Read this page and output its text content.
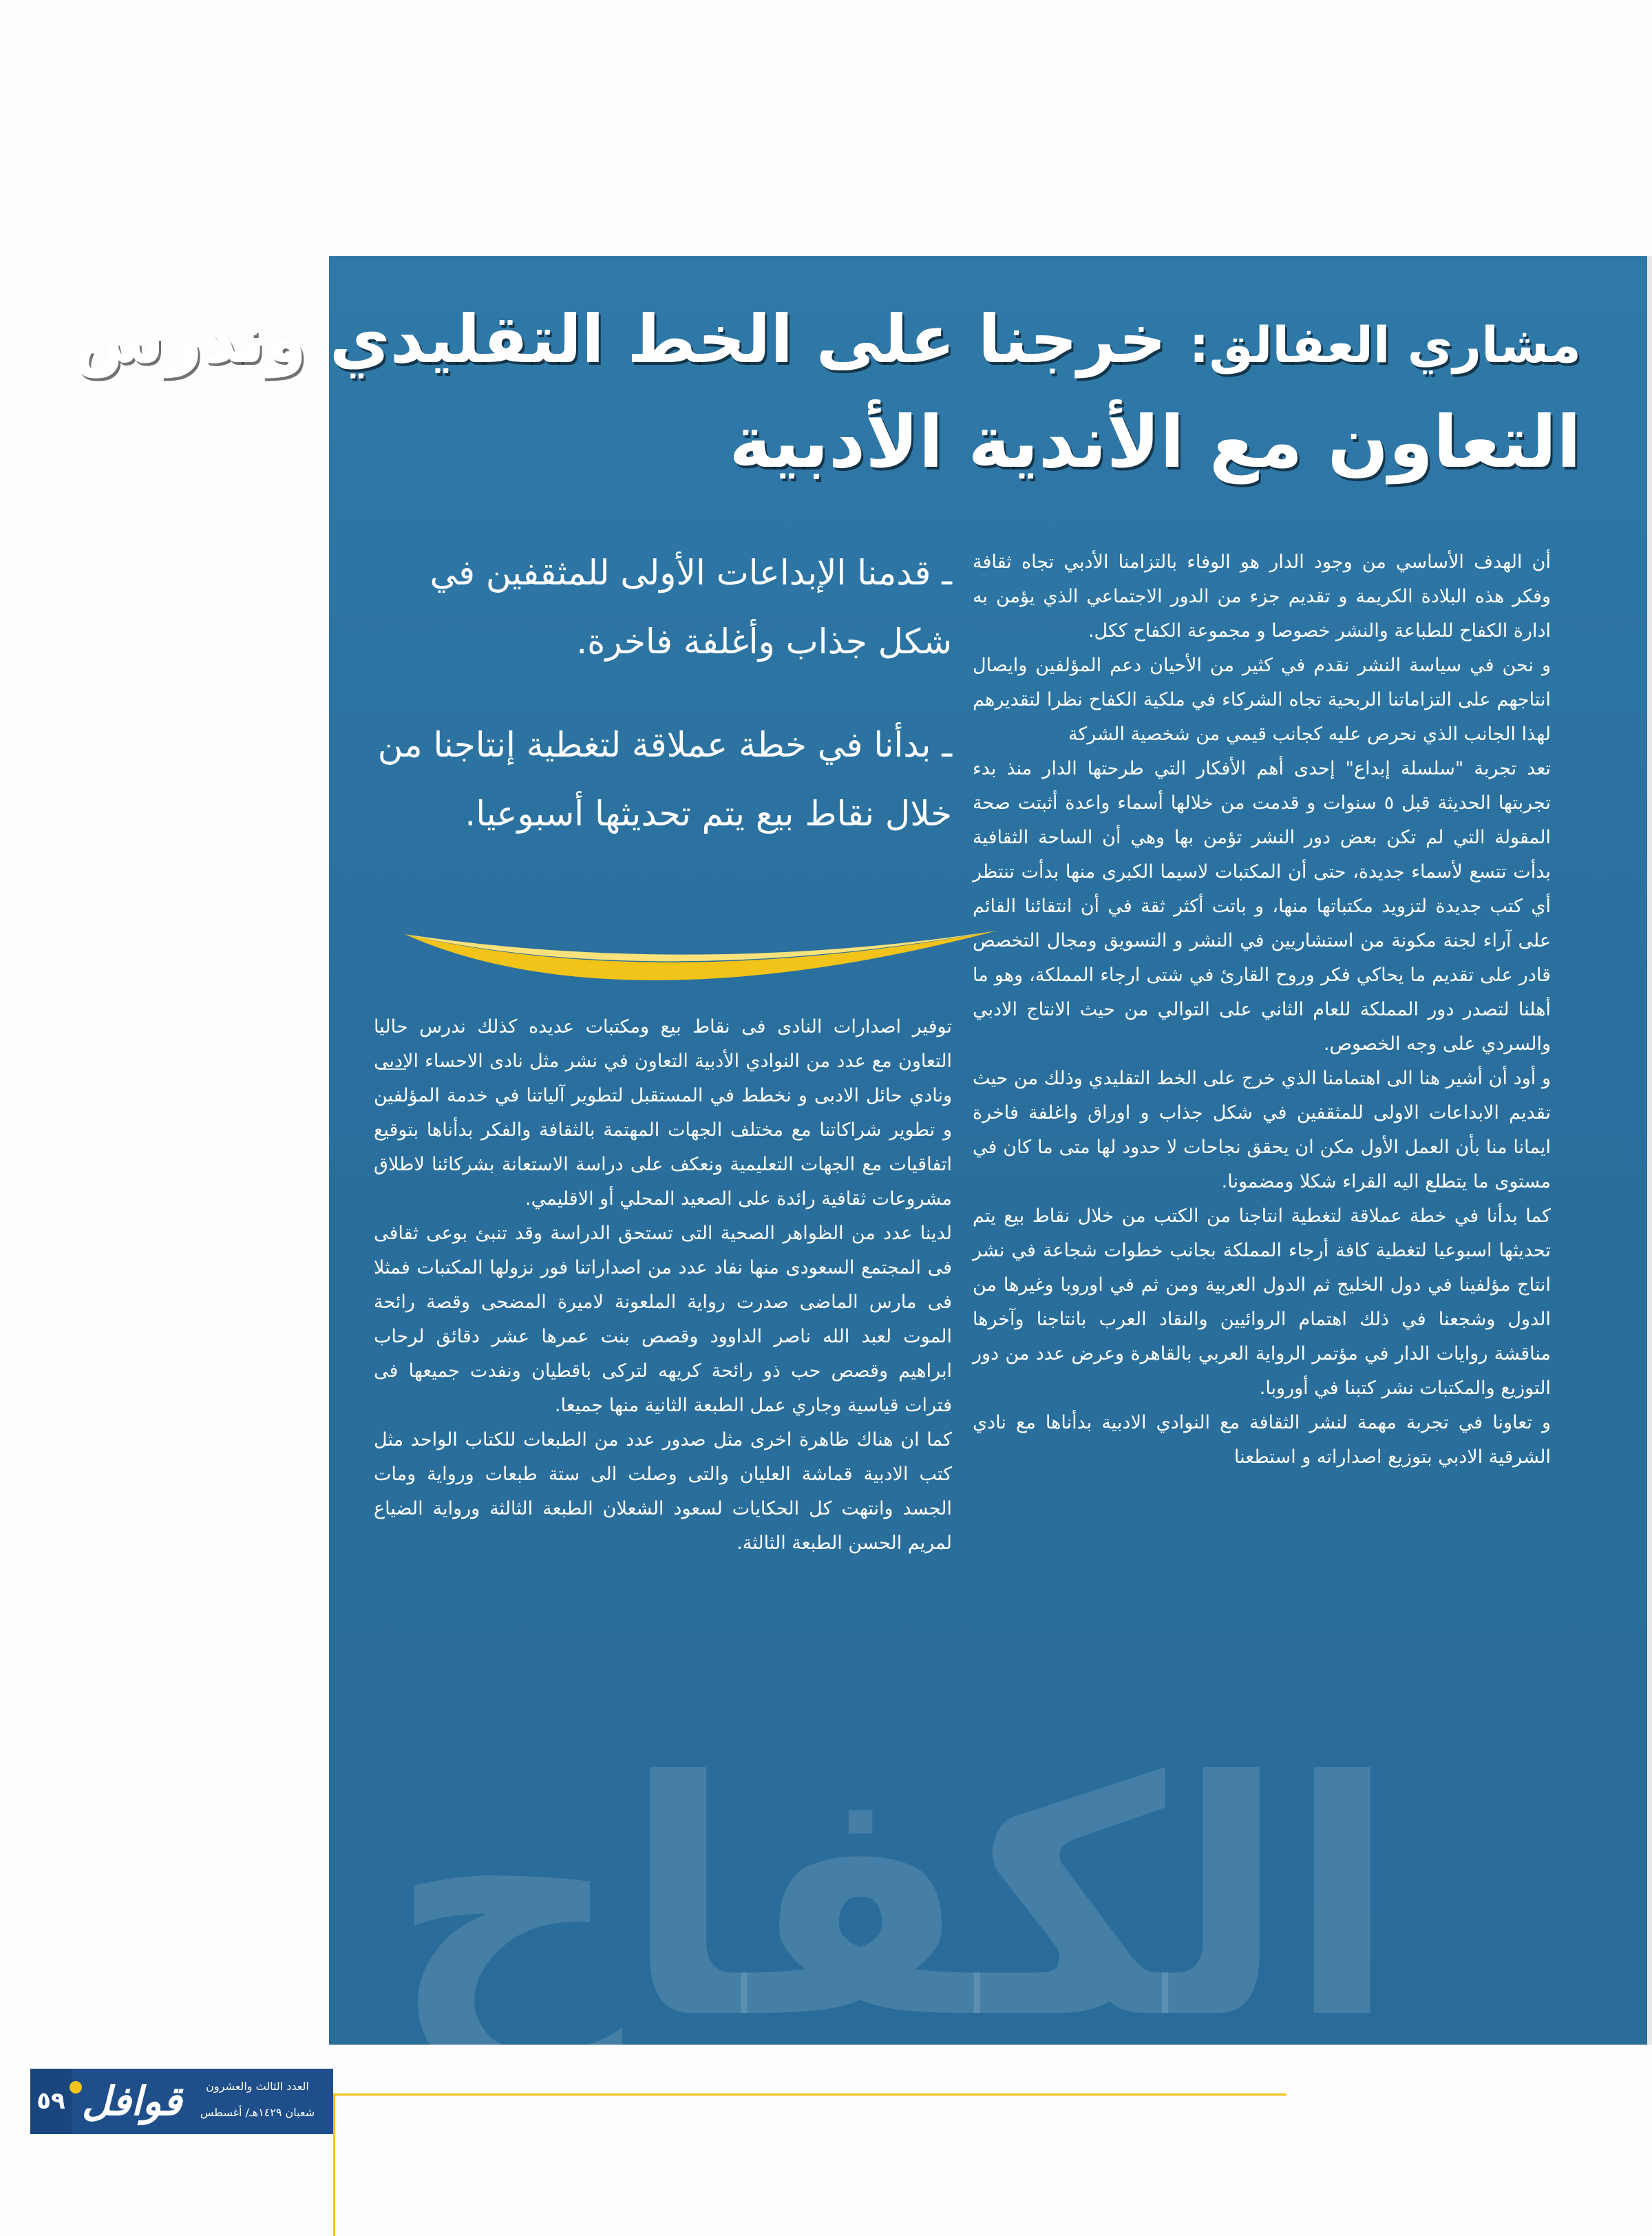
الكفاح
مشاري العفالق: خرجنا على الخط التقليدي وندرس
التعاون مع الأندية الأدبية
أن الهدف الأساسي من وجود الدار هو الوفاء بالتزامنا الأدبي تجاه ثقافة وفكر هذه البلادة الكريمة و تقديم جزء من الدور الاجتماعي الذي يؤمن به ادارة الكفاح للطباعة والنشر خصوصا و مجموعة الكفاح ككل.
و نحن في سياسة النشر نقدم في كثير من الأحيان دعم المؤلفين وايصال انتاجهم على التزاماتنا الربحية تجاه الشركاء في ملكية الكفاح نظرا لتقديرهم لهذا الجانب الذي نحرص عليه كجانب قيمي من شخصية الشركة
تعد تجربة "سلسلة إبداع" إحدى أهم الأفكار التي طرحتها الدار منذ بدء تجربتها الحديثة قبل ٥ سنوات و قدمت من خلالها أسماء واعدة أثبتت صحة المقولة التي لم تكن بعض دور النشر تؤمن بها وهي أن الساحة الثقافية بدأت تتسع لأسماء جديدة، حتى أن المكتبات لاسيما الكبرى منها بدأت تنتظر أي كتب جديدة لتزويد مكتباتها منها، و باتت أكثر ثقة في أن انتقائنا القائم على آراء لجنة مكونة من استشاريين في النشر و التسويق ومجال التخصص قادر على تقديم ما يحاكي فكر وروح القارئ في شتى ارجاء المملكة، وهو ما أهلنا لتصدر دور المملكة للعام الثاني على التوالي من حيث الانتاج الادبي والسردي على وجه الخصوص.
و أود أن أشير هنا الى اهتمامنا الذي خرج على الخط التقليدي وذلك من حيث تقديم الابداعات الاولى للمثقفين في شكل جذاب و اوراق واغلفة فاخرة ايمانا منا بأن العمل الأول مكن ان يحقق نجاحات لا حدود لها متى ما كان في مستوى ما يتطلع اليه القراء شكلا ومضمونا.
كما بدأنا في خطة عملاقة لتغطية انتاجنا من الكتب من خلال نقاط بيع يتم تحديثها اسبوعيا لتغطية كافة أرجاء المملكة بجانب خطوات شجاعة في نشر انتاج مؤلفينا في دول الخليج ثم الدول العربية ومن ثم في اوروبا وغيرها من الدول وشجعنا في ذلك اهتمام الروائيين والنقاد العرب بانتاجنا وآخرها مناقشة روايات الدار في مؤتمر الرواية العربي بالقاهرة وعرض عدد من دور التوزيع والمكتبات نشر كتبنا في أوروبا.
و تعاونا في تجربة مهمة لنشر الثقافة مع النوادي الادبية بدأناها مع نادي الشرقية الادبي بتوزيع اصداراته و استطعنا
ـ قدمنا الإبداعات الأولى للمثقفين في شكل جذاب وأغلفة فاخرة.
ـ بدأنا في خطة عملاقة لتغطية إنتاجنا من خلال نقاط بيع يتم تحديثها أسبوعيا.
توفير اصدارات النادى فى نقاط بيع ومكتبات عديده كذلك ندرس حاليا التعاون مع عدد من النوادي الأدبية التعاون في نشر مثل نادى الاحساء الادبى ونادي حائل الادبى و نخطط في المستقبل لتطوير آلياتنا في خدمة المؤلفين و تطوير شراكاتنا مع مختلف الجهات المهتمة بالثقافة والفكر بدأناها بتوقيع اتفاقيات مع الجهات التعليمية ونعكف على دراسة الاستعانة بشركائنا لاطلاق مشروعات ثقافية رائدة على الصعيد المحلي أو الاقليمي.
لدينا عدد من الظواهر الصحية التى تستحق الدراسة وقد تنبئ بوعى ثقافى فى المجتمع السعودى منها نفاد عدد من اصداراتنا فور نزولها المكتبات فمثلا فى مارس الماضى صدرت رواية الملعونة لاميرة المضحى وقصة رائحة الموت لعبد الله ناصر الداوود وقصص بنت عمرها عشر دقائق لرحاب ابراهيم وقصص حب ذو رائحة كريهه لتركى باقطيان ونفدت جميعها فى فترات قياسية وجاري عمل الطبعة الثانية منها جميعا.
كما ان هناك ظاهرة اخرى مثل صدور عدد من الطبعات للكتاب الواحد مثل كتب الادبية قماشة العليان والتى وصلت الى ستة طبعات ورواية ومات الجسد وانتهت كل الحكايات لسعود الشعلان الطبعة الثالثة ورواية الضياع لمريم الحسن الطبعة الثالثة.
٥٩ قوافل	العدد الثالث والعشرون
شعبان ١٤٢٩هـ/ أغسطس ٢٠٠٨م
